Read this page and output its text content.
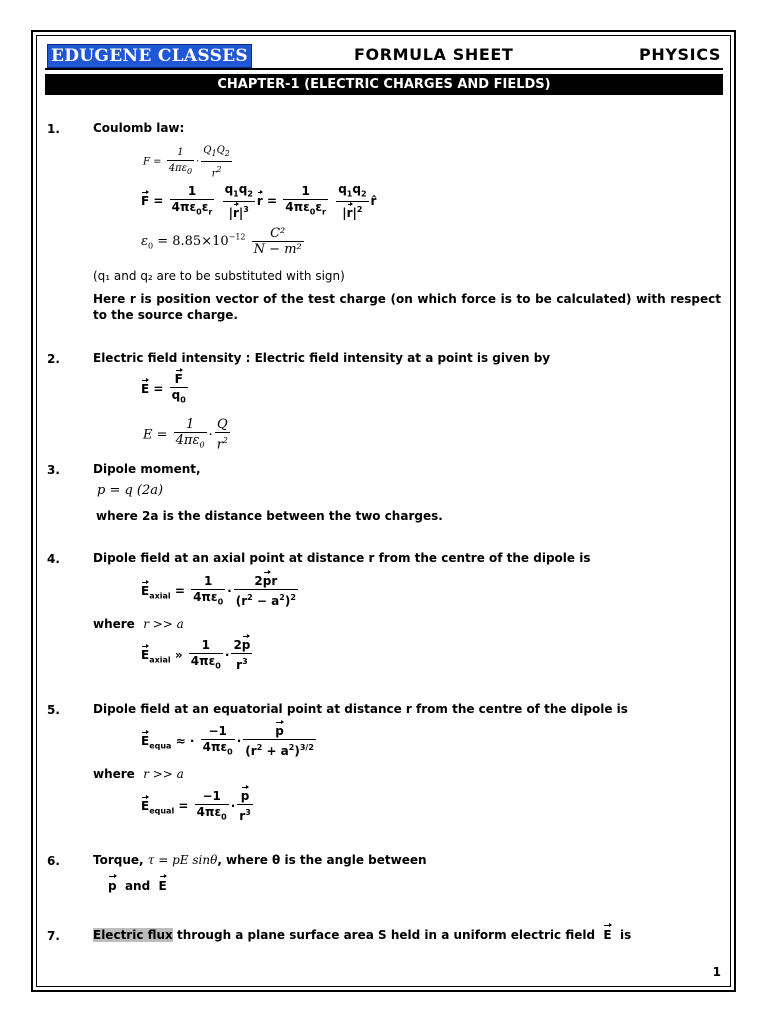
EDUGENE CLASSES	FORMULA SHEET	PHYSICS
CHAPTER-1 (ELECTRIC CHARGES AND FIELDS)
1.	Coulomb law:
$F = \frac{1}{4\pi\varepsilon_0} \cdot \frac{Q_1Q_2}{r^2}$
$F = \frac{1}{4\pi\varepsilon_0\varepsilon_r}$
$\frac{q_1q_2}{|r|^3}$ $r = \frac{1}{4\pi\varepsilon_0\varepsilon_r}$
$\frac{q_1q_2}{|r|^2}$ r̂
$\varepsilon_0 = 8.85\times 10^{-12} \frac{\text{C²}}{\text{N − m²}}$
(q₁ and q₂ are to be substituted with sign)
Here r is position vector of the test charge (on which force is to be calculated) with respect to the source charge.
2.	Electric field intensity : Electric field intensity at a point is given by
$E = \frac{F}{q_0}$
$E = \frac{1}{4\pi\varepsilon_0} \cdot \frac{Q}{r^2}$
3.	Dipole moment,
p = q (2a)
where 2a is the distance between the two charges.
4.	Dipole field at an axial point at distance r from the centre of the dipole is
$E_{axial} = \frac{1}{4\pi\varepsilon_0} \cdot \frac{2pr}{(r^2 - a^2)^2}$
where r >> a
$E_{axial}$ » $\frac{1}{4\pi\varepsilon_0} \cdot \frac{2p}{r^3}$
5.	Dipole field at an equatorial point at distance r from the centre of the dipole is
$E_{equa}$ ≈ · $\frac{-1}{4\pi\varepsilon_0} \cdot \frac{p}{(r^2 + a^2)^{3/2}}$
where r >> a
$E_{equal} = \frac{-1}{4\pi\varepsilon_0} \cdot \frac{p}{r^3}$
6.	Torque, τ = pE sinθ, where θ is the angle between
p and E
7.	Electric flux through a plane surface area S held in a uniform electric field E is
1
